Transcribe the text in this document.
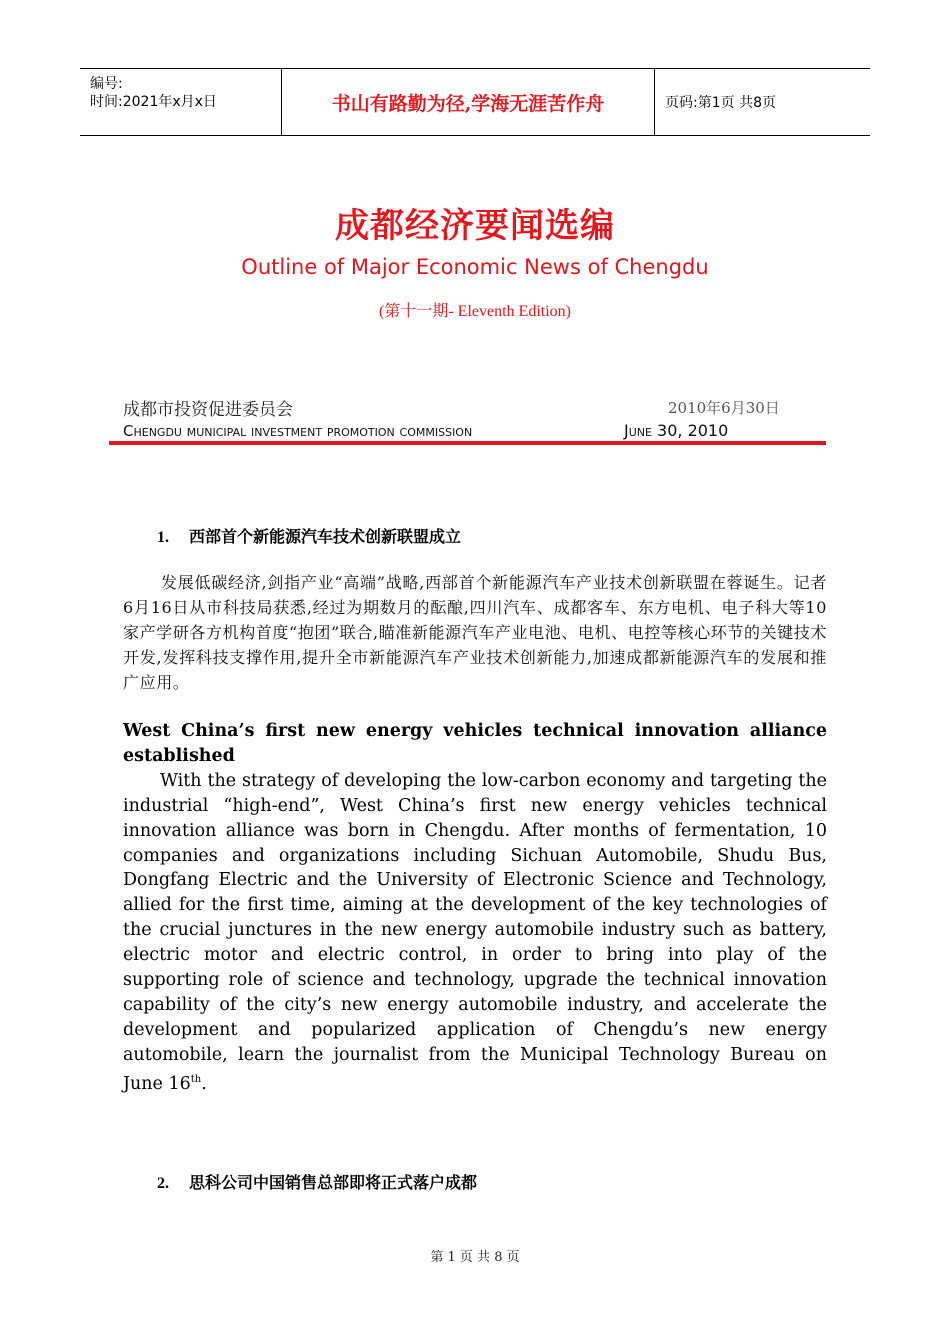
编号:
时间:2021年x月x日	书山有路勤为径,学海无涯苦作舟	页码:第1页 共8页
成都经济要闻选编
Outline of Major Economic News of Chengdu
(第十一期- Eleventh Edition)
成都市投资促进委员会	2010年6月30日
Chengdu municipal investment promotion commission	June 30, 2010
1. 西部首个新能源汽车技术创新联盟成立
发展低碳经济,剑指产业“高端”战略,西部首个新能源汽车产业技术创新联盟在蓉诞生。记者6月16日从市科技局获悉,经过为期数月的酝酿,四川汽车、成都客车、东方电机、电子科大等10家产学研各方机构首度“抱团”联合,瞄准新能源汽车产业电池、电机、电控等核心环节的关键技术开发,发挥科技支撑作用,提升全市新能源汽车产业技术创新能力,加速成都新能源汽车的发展和推广应用。
West China’s first new energy vehicles technical innovation alliance established
With the strategy of developing the low-carbon economy and targeting the industrial “high-end”, West China’s first new energy vehicles technical innovation alliance was born in Chengdu. After months of fermentation, 10 companies and organizations including Sichuan Automobile, Shudu Bus, Dongfang Electric and the University of Electronic Science and Technology, allied for the first time, aiming at the development of the key technologies of the crucial junctures in the new energy automobile industry such as battery, electric motor and electric control, in order to bring into play of the supporting role of science and technology, upgrade the technical innovation capability of the city’s new energy automobile industry, and accelerate the development and popularized application of Chengdu’s new energy automobile, learn the journalist from the Municipal Technology Bureau on June 16th.
2. 思科公司中国销售总部即将正式落户成都
第 1 页 共 8 页
